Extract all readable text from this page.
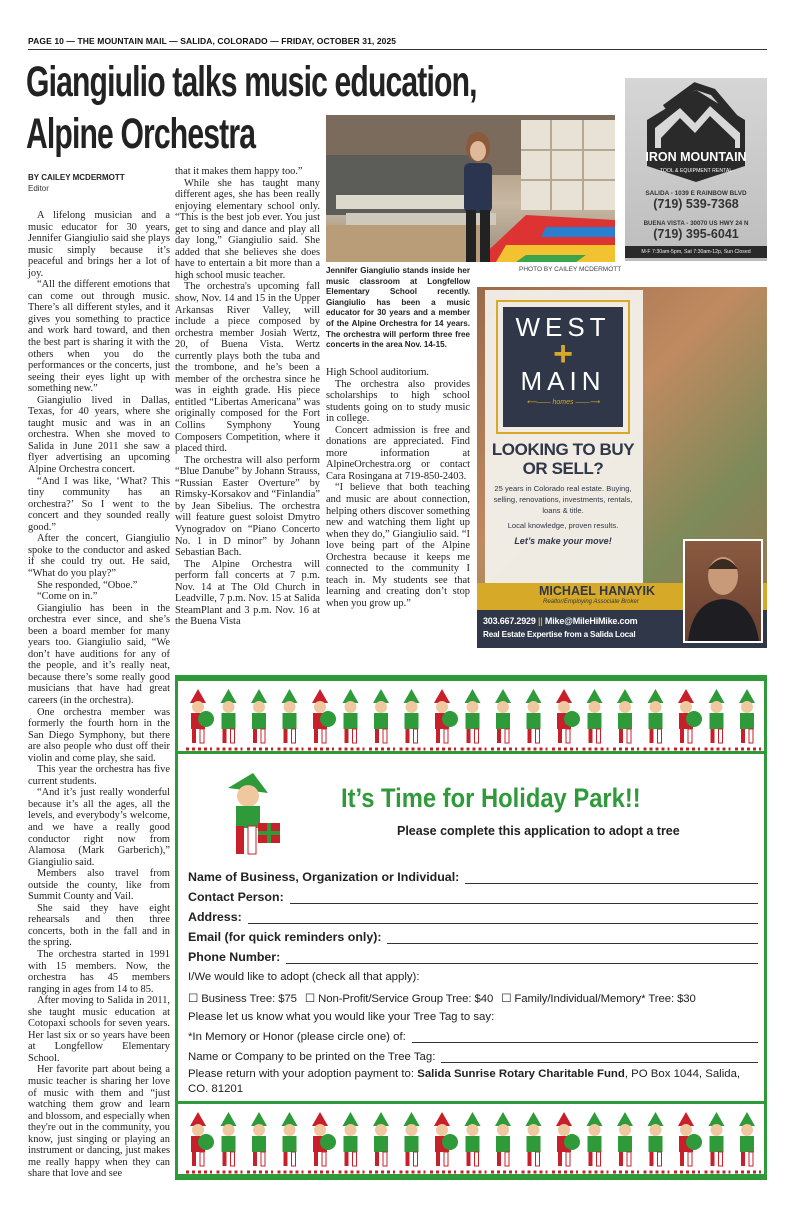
PAGE 10 — THE MOUNTAIN MAIL — SALIDA, COLORADO — FRIDAY, OCTOBER 31, 2025
Giangiulio talks music education,
Alpine Orchestra
BY CAILEY MCDERMOTT
Editor

A lifelong musician and a music educator for 30 years, Jennifer Giangiulio said she plays music simply because it’s peaceful and brings her a lot of joy.

“All the different emotions that can come out through music. There’s all different styles, and it gives you something to practice and work hard toward, and then the best part is sharing it with the others when you do the performances or the concerts, just seeing their eyes light up with something new.”

Giangiulio lived in Dallas, Texas, for 40 years, where she taught music and was in an orchestra. When she moved to Salida in June 2011 she saw a flyer advertising an upcoming Alpine Orchestra concert.

“And I was like, ‘What? This tiny community has an orchestra?’ So I went to the concert and they sounded really good.”

After the concert, Giangiulio spoke to the conductor and asked if she could try out. He said, “What do you play?”

She responded, “Oboe.”

“Come on in.”

Giangiulio has been in the orchestra ever since, and she’s been a board member for many years too. Giangiulio said, “We don’t have auditions for any of the people, and it’s really neat, because there’s some really good musicians that have had great careers (in the orchestra).

One orchestra member was formerly the fourth horn in the San Diego Symphony, but there are also people who dust off their violin and come play, she said.

This year the orchestra has five current students.

“And it’s just really wonderful because it’s all the ages, all the levels, and everybody’s welcome, and we have a really good conductor right now from Alamosa (Mark Garberich),” Giangiulio said.

Members also travel from outside the county, like from Summit County and Vail.

She said they have eight rehearsals and then three concerts, both in the fall and in the spring.

The orchestra started in 1991 with 15 members. Now, the orchestra has 45 members ranging in ages from 14 to 85.

After moving to Salida in 2011, she taught music education at Cotopaxi schools for seven years. Her last six or so years have been at Longfellow Elementary School.

Her favorite part about being a music teacher is sharing her love of music with them and “just watching them grow and learn and blossom, and especially when they're out in the community, you know, just singing or playing an instrument or dancing, just makes me really happy when they can share that love and see

that it makes them happy too.”

While she has taught many different ages, she has been really enjoying elementary school only. “This is the best job ever. You just get to sing and dance and play all day long,” Giangiulio said. She added that she believes she does have to entertain a bit more than a high school music teacher.

The orchestra's upcoming fall show, Nov. 14 and 15 in the Upper Arkansas River Valley, will include a piece composed by orchestra member Josiah Wertz, 20, of Buena Vista. Wertz currently plays both the tuba and the trombone, and he’s been a member of the orchestra since he was in eighth grade. His piece entitled “Libertas Americana” was originally composed for the Fort Collins Symphony Young Composers Competition, where it placed third.

The orchestra will also perform “Blue Danube” by Johann Strauss, “Russian Easter Overture” by Rimsky-Korsakov and “Finlandia” by Jean Sibelius. The orchestra will feature guest soloist Dmytro Vynogradov on “Piano Concerto No. 1 in D minor” by Johann Sebastian Bach.

The Alpine Orchestra will perform fall concerts at 7 p.m. Nov. 14 at The Old Church in Leadville, 7 p.m. Nov. 15 at Salida SteamPlant and 3 p.m. Nov. 16 at the Buena Vista

High School auditorium.

The orchestra also provides scholarships to high school students going on to study music in college.

Concert admission is free and donations are appreciated. Find more information at AlpineOrchestra.org or contact Cara Rosingana at 719-850-2403.

“I believe that both teaching and music are about connection, helping others discover something new and watching them light up when they do,” Giangiulio said. “I love being part of the Alpine Orchestra because it keeps me connected to the community I teach in. My students see that learning and creating don’t stop when you grow up.”

Jennifer Giangiulio stands inside her music classroom at Longfellow Elementary School recently. Giangiulio has been a music educator for 30 years and a member of the Alpine Orchestra for 14 years. The orchestra will perform three free concerts in the area Nov. 14-15.
PHOTO BY CAILEY MCDERMOTT
IRON MOUNTAIN
TOOL & EQUIPMENT RENTAL
SALIDA - 1039 E RAINBOW BLVD
(719) 539-7368
BUENA VISTA - 30070 US HWY 24 N
(719) 395-6041
M-F 7:30am-5pm, Sat 7:30am-12p, Sun Closed
WEST
+
MAIN
⟵—— homes ——⟶
LOOKING TO BUY OR SELL?
25 years in Colorado real estate. Buying, selling, renovations, investments, rentals, loans & title.
Local knowledge, proven results.
Let’s make your move!
MICHAEL HANAYIK
Realtor/Employing Associate Broker
303.667.2929 || Mike@MileHiMike.com
Real Estate Expertise from a Salida Local
It’s Time for Holiday Park!!
Please complete this application to adopt a tree
Name of Business, Organization or Individual:
Contact Person:
Address:
Email (for quick reminders only):
Phone Number:
I/We would like to adopt (check all that apply):
☐ Business Tree: $75 ☐ Non-Profit/Service Group Tree: $40 ☐ Family/Individual/Memory* Tree: $30
Please let us know what you would like your Tree Tag to say:
*In Memory or Honor (please circle one) of:
Name or Company to be printed on the Tree Tag:
Please return with your adoption payment to: Salida Sunrise Rotary Charitable Fund, PO Box 1044, Salida, CO. 81201
